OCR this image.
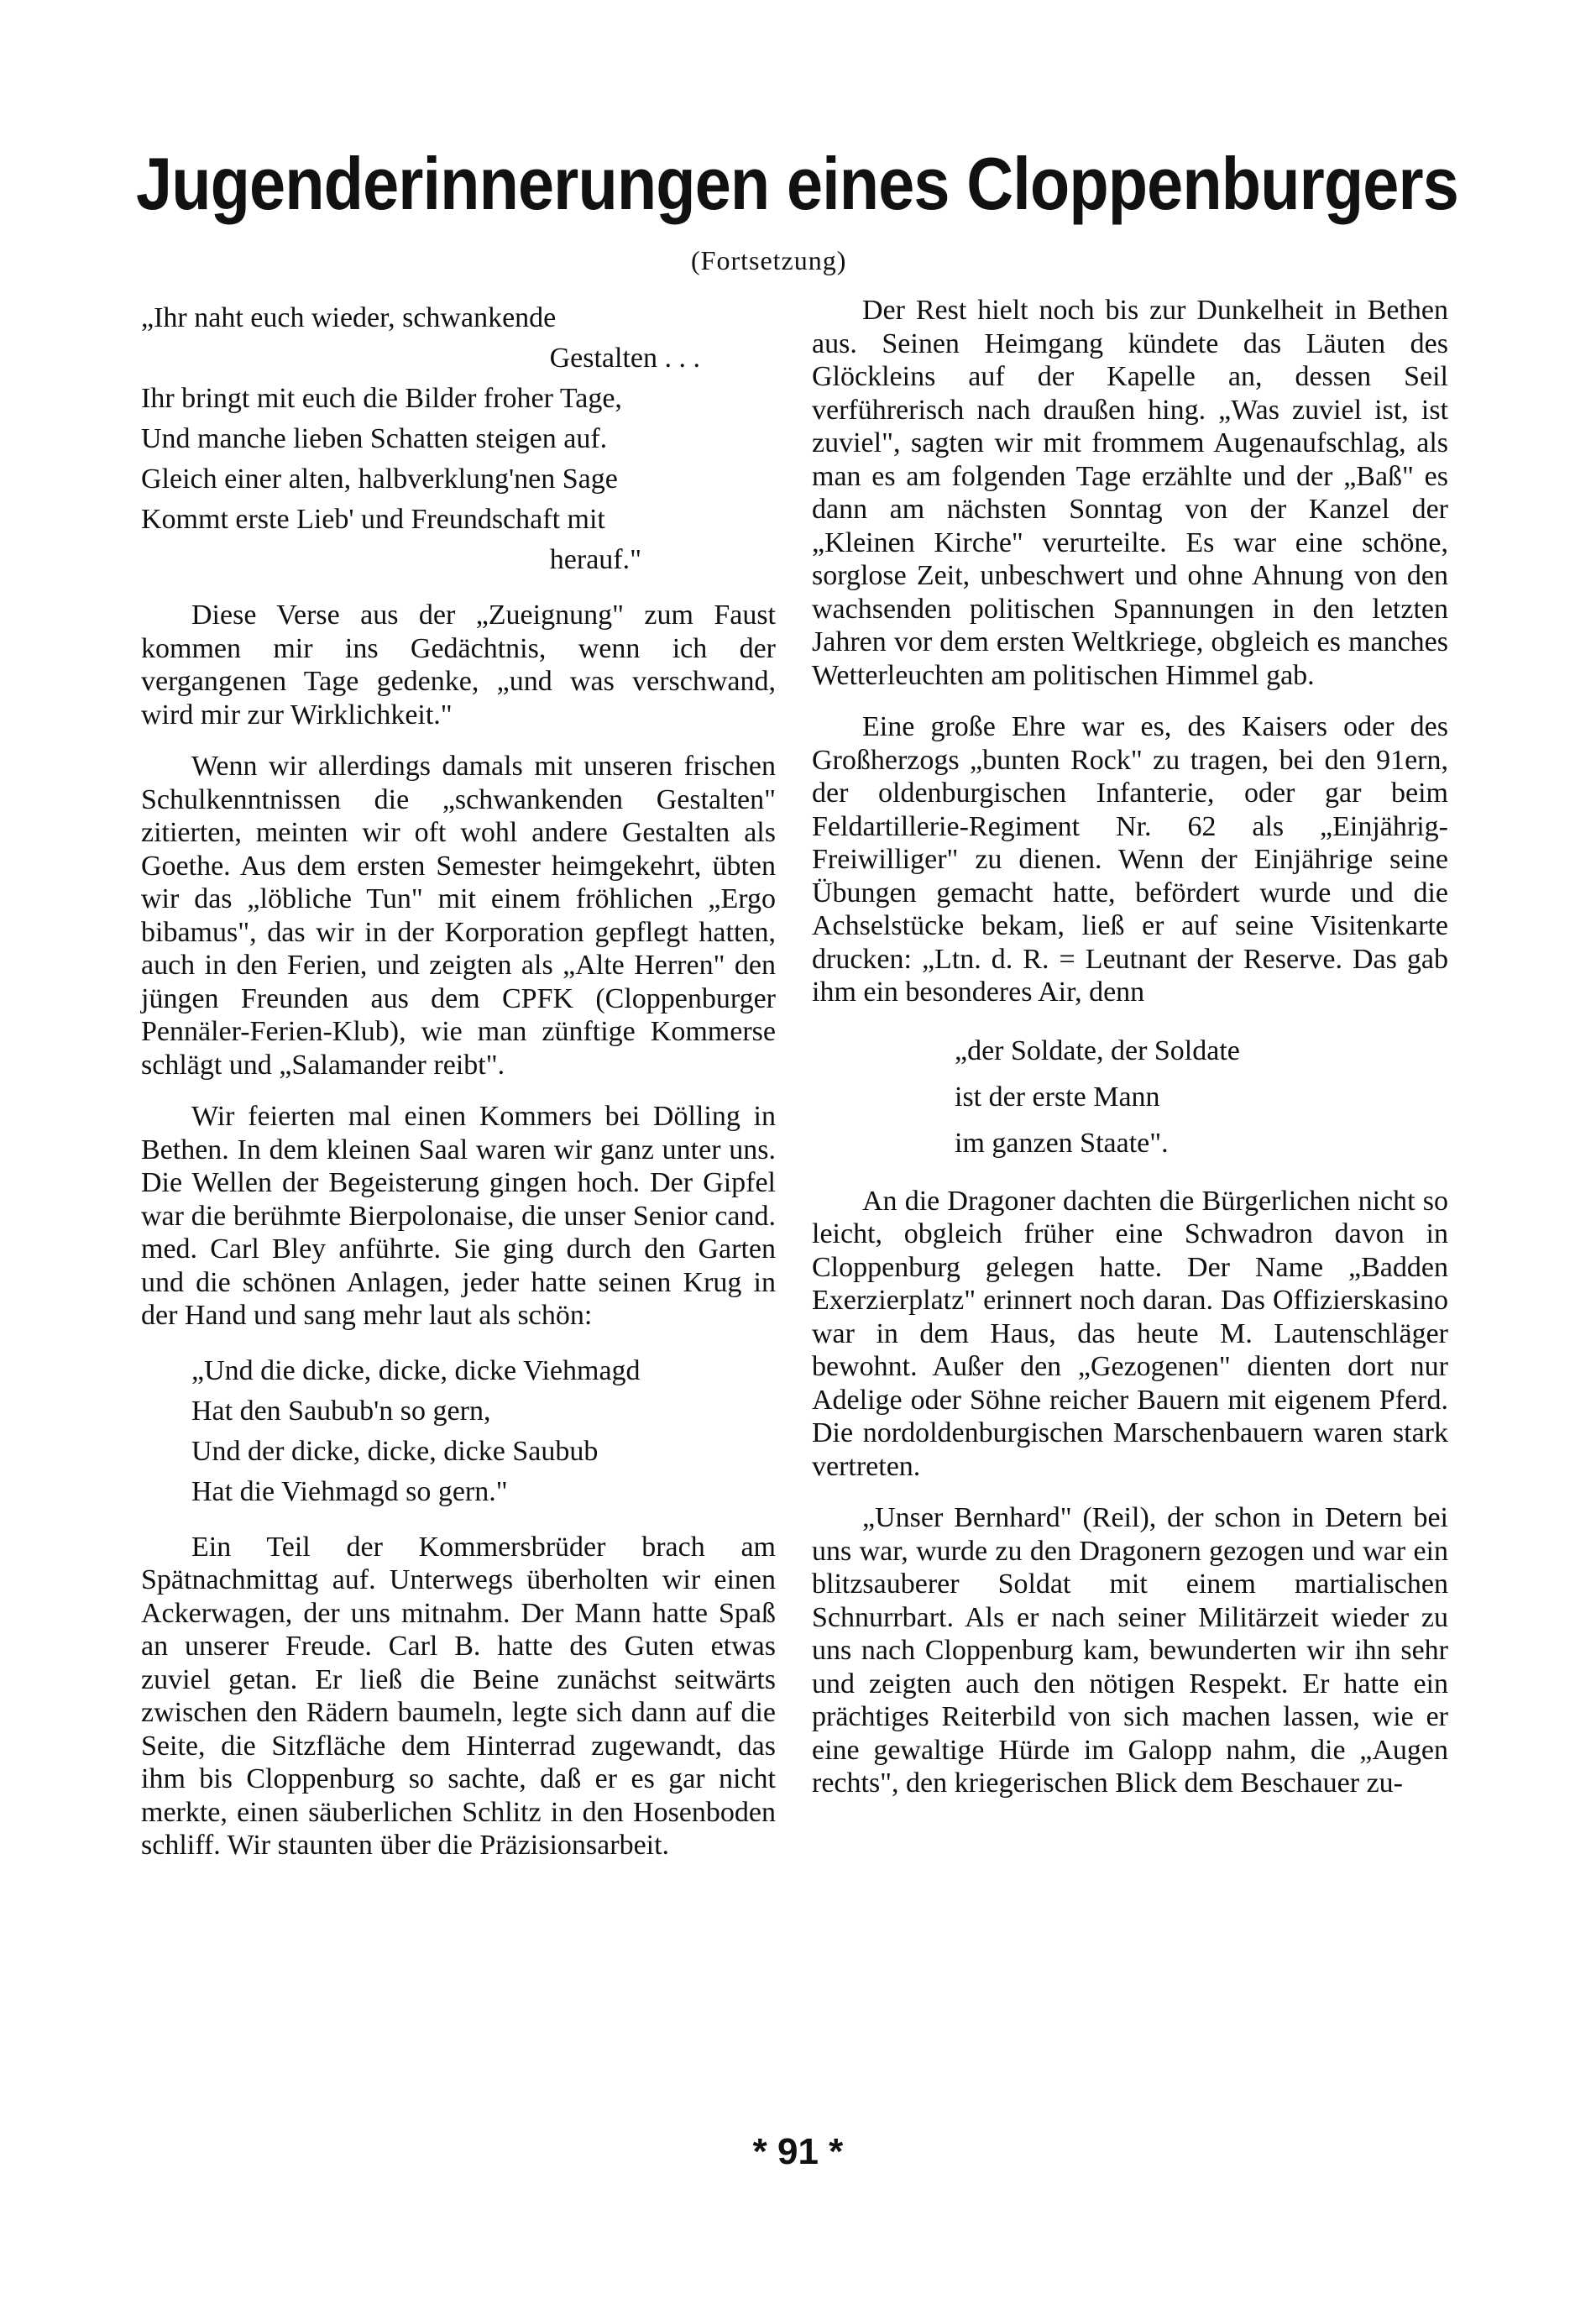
Jugenderinnerungen eines Cloppenburgers
(Fortsetzung)

„Ihr naht euch wieder, schwankende

Gestalten . . .

Ihr bringt mit euch die Bilder froher Tage,

Und manche lieben Schatten steigen auf.

Gleich einer alten, halbverklung'nen Sage

Kommt erste Lieb' und Freundschaft mit

herauf."

Diese Verse aus der „Zueignung" zum Faust kommen mir ins Gedächtnis, wenn ich der vergangenen Tage gedenke, „und was verschwand, wird mir zur Wirklichkeit."

Wenn wir allerdings damals mit unseren frischen Schulkenntnissen die „schwankenden Gestalten" zitierten, meinten wir oft wohl andere Gestalten als Goethe. Aus dem ersten Semester heimgekehrt, übten wir das „löbliche Tun" mit einem fröhlichen „Ergo bibamus", das wir in der Korporation gepflegt hatten, auch in den Ferien, und zeigten als „Alte Herren" den jüngen Freunden aus dem CPFK (Cloppenburger Pennäler-Ferien-Klub), wie man zünftige Kommerse schlägt und „Salamander reibt".

Wir feierten mal einen Kommers bei Dölling in Bethen. In dem kleinen Saal waren wir ganz unter uns. Die Wellen der Begeisterung gingen hoch. Der Gipfel war die berühmte Bierpolonaise, die unser Senior cand. med. Carl Bley anführte. Sie ging durch den Garten und die schönen Anlagen, jeder hatte seinen Krug in der Hand und sang mehr laut als schön:

„Und die dicke, dicke, dicke Viehmagd
Hat den Saubub'n so gern,
Und der dicke, dicke, dicke Saubub
Hat die Viehmagd so gern."

Ein Teil der Kommersbrüder brach am Spätnachmittag auf. Unterwegs überholten wir einen Ackerwagen, der uns mitnahm. Der Mann hatte Spaß an unserer Freude. Carl B. hatte des Guten etwas zuviel getan. Er ließ die Beine zunächst seitwärts zwischen den Rädern baumeln, legte sich dann auf die Seite, die Sitzfläche dem Hinterrad zugewandt, das ihm bis Cloppenburg so sachte, daß er es gar nicht merkte, einen säuberlichen Schlitz in den Hosenboden schliff. Wir staunten über die Präzisionsarbeit.

Der Rest hielt noch bis zur Dunkelheit in Bethen aus. Seinen Heimgang kündete das Läuten des Glöckleins auf der Kapelle an, dessen Seil verführerisch nach draußen hing. „Was zuviel ist, ist zuviel", sagten wir mit frommem Augenaufschlag, als man es am folgenden Tage erzählte und der „Baß" es dann am nächsten Sonntag von der Kanzel der „Kleinen Kirche" verurteilte. Es war eine schöne, sorglose Zeit, unbeschwert und ohne Ahnung von den wachsenden politischen Spannungen in den letzten Jahren vor dem ersten Weltkriege, obgleich es manches Wetterleuchten am politischen Himmel gab.

Eine große Ehre war es, des Kaisers oder des Großherzogs „bunten Rock" zu tragen, bei den 91ern, der oldenburgischen Infanterie, oder gar beim Feldartillerie-Regiment Nr. 62 als „Einjährig-Freiwilliger" zu dienen. Wenn der Einjährige seine Übungen gemacht hatte, befördert wurde und die Achselstücke bekam, ließ er auf seine Visitenkarte drucken: „Ltn. d. R. = Leutnant der Reserve. Das gab ihm ein besonderes Air, denn

„der Soldate, der Soldate
ist der erste Mann
im ganzen Staate".

An die Dragoner dachten die Bürgerlichen nicht so leicht, obgleich früher eine Schwadron davon in Cloppenburg gelegen hatte. Der Name „Badden Exerzierplatz" erinnert noch daran. Das Offizierskasino war in dem Haus, das heute M. Lautenschläger bewohnt. Außer den „Gezogenen" dienten dort nur Adelige oder Söhne reicher Bauern mit eigenem Pferd. Die nordoldenburgischen Marschenbauern waren stark vertreten.

„Unser Bernhard" (Reil), der schon in Detern bei uns war, wurde zu den Dragonern gezogen und war ein blitzsauberer Soldat mit einem martialischen Schnurrbart. Als er nach seiner Militärzeit wieder zu uns nach Cloppenburg kam, bewunderten wir ihn sehr und zeigten auch den nötigen Respekt. Er hatte ein prächtiges Reiterbild von sich machen lassen, wie er eine gewaltige Hürde im Galopp nahm, die „Augen rechts", den kriegerischen Blick dem Beschauer zu-

* 91 *
